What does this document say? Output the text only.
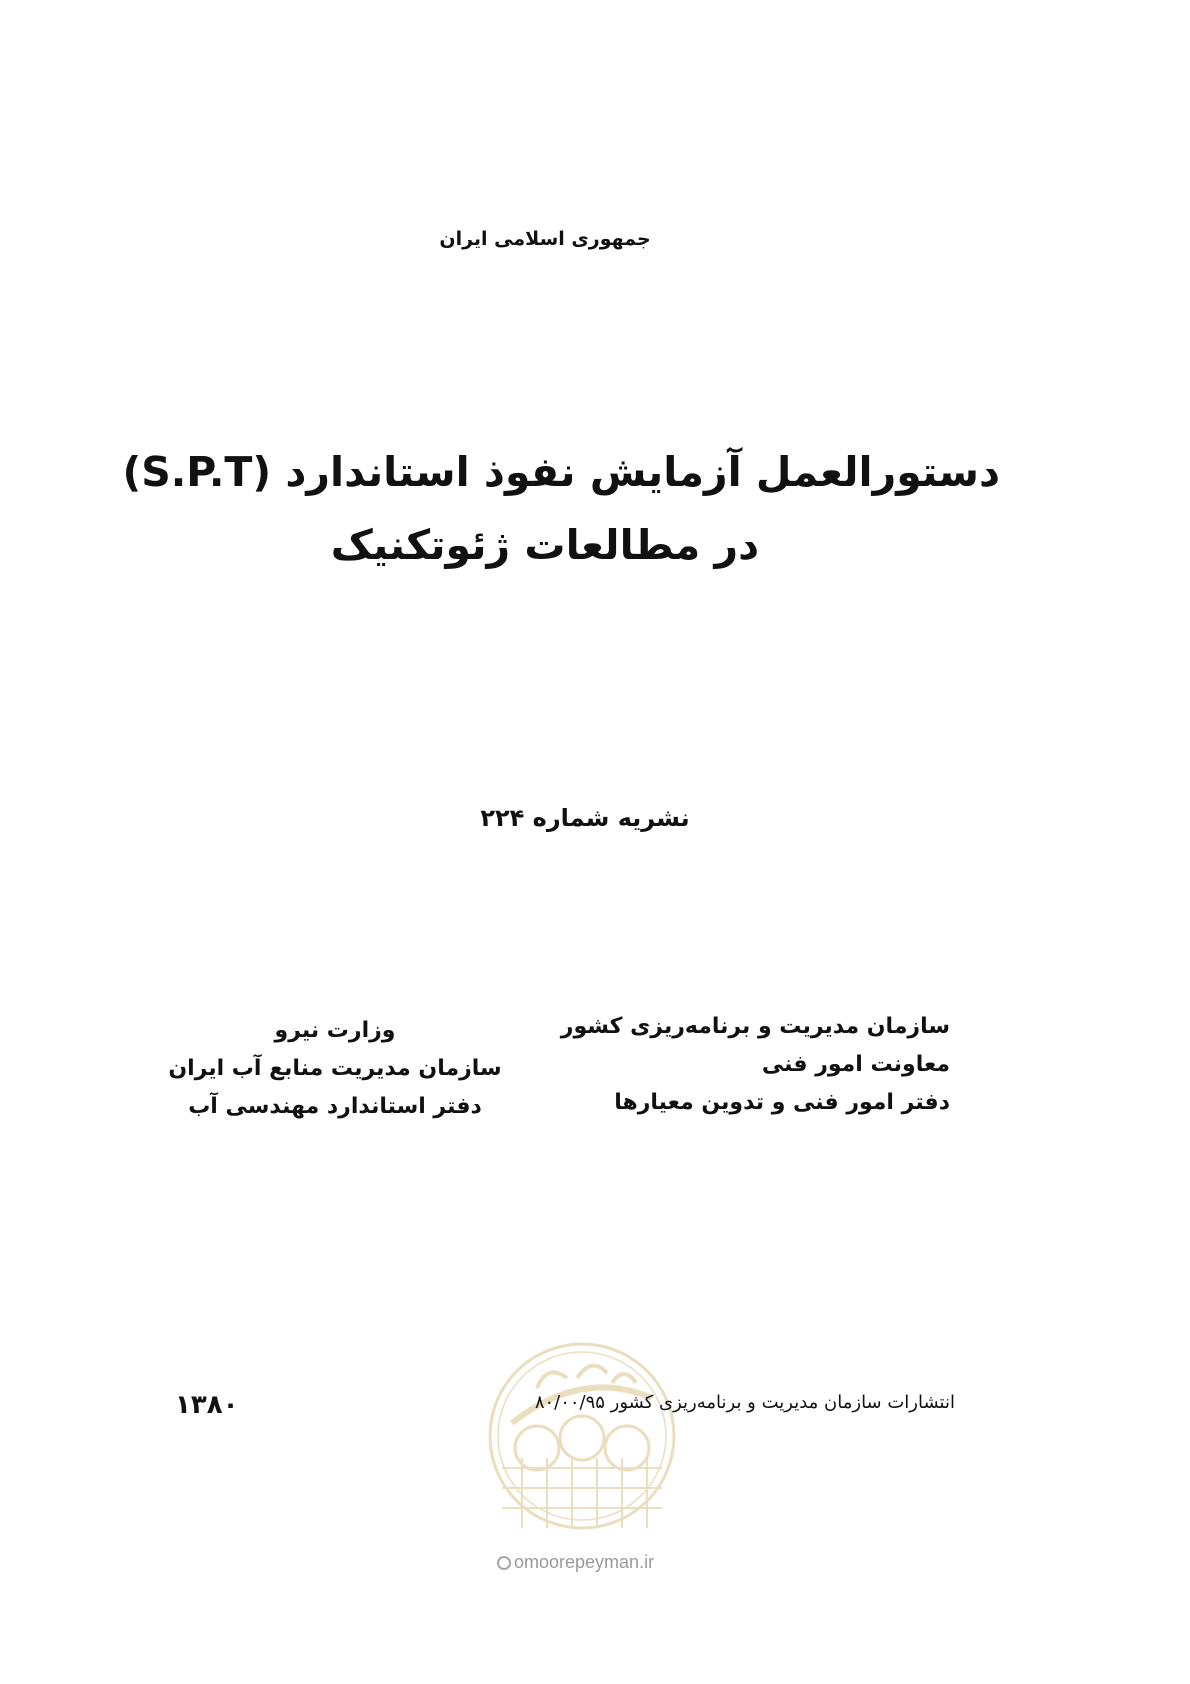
جمهوری اسلامی ایران
دستورالعمل آزمایش نفوذ استاندارد (S.P.T)
در مطالعات ژئوتکنیک
نشریه شماره ۲۲۴
سازمان مدیریت و برنامه‌ریزی کشور
معاونت امور فنی
دفتر امور فنی و تدوین معیارها
وزارت نیرو
سازمان مدیریت منابع آب ایران
دفتر استاندارد مهندسی آب
۱۳۸۰	انتشارات سازمان مدیریت و برنامه‌ریزی کشور ۸۰/۰۰/۹۵
omoorepeyman.ir
